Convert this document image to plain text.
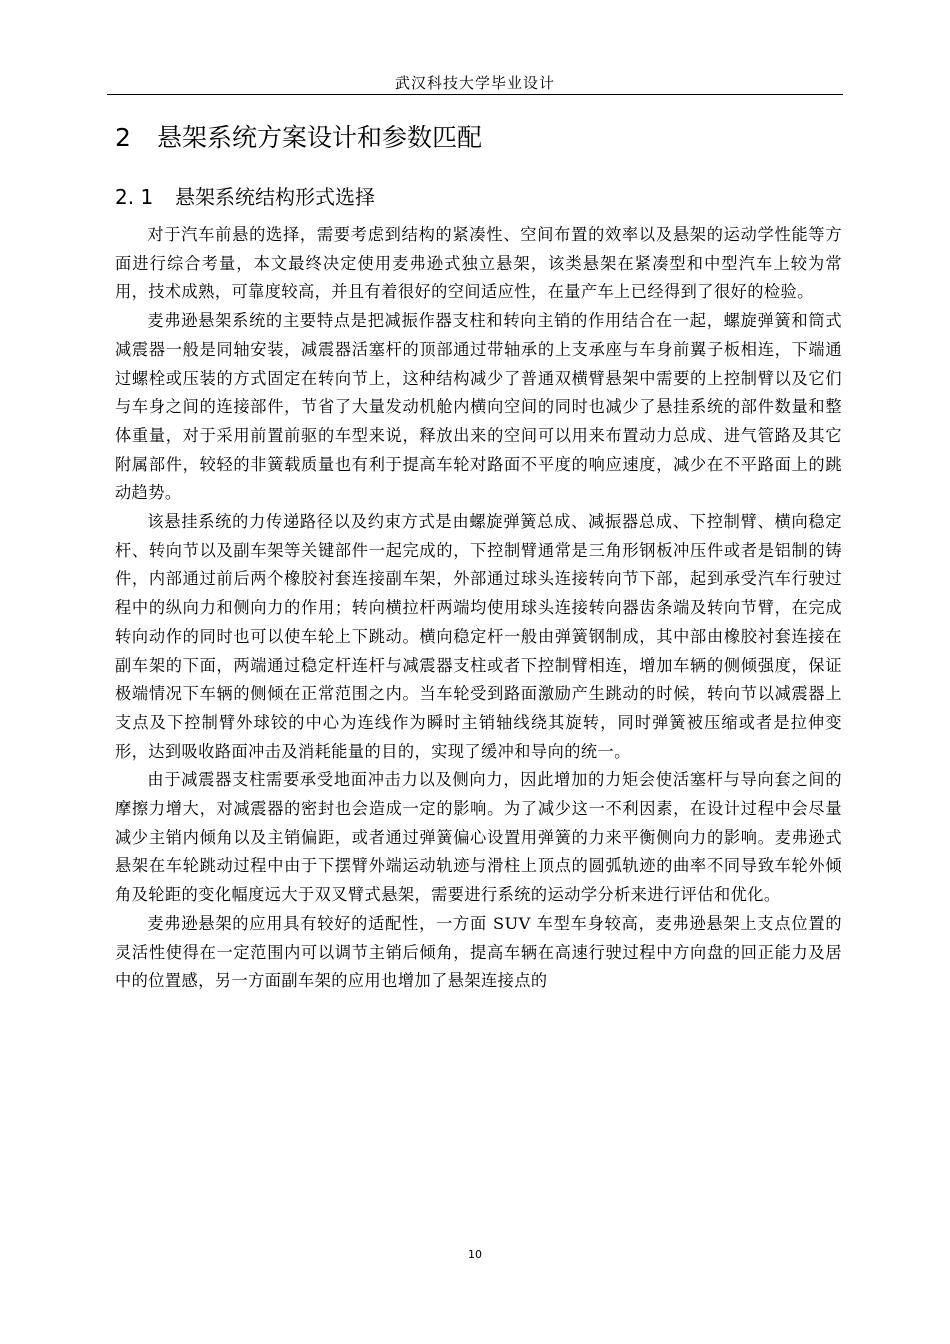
武汉科技大学毕业设计
2 悬架系统方案设计和参数匹配
2. 1 悬架系统结构形式选择

对于汽车前悬的选择，需要考虑到结构的紧凑性、空间布置的效率以及悬架的运动学性能等方面进行综合考量，本文最终决定使用麦弗逊式独立悬架，该类悬架在紧凑型和中型汽车上较为常用，技术成熟，可靠度较高，并且有着很好的空间适应性，在量产车上已经得到了很好的检验。

麦弗逊悬架系统的主要特点是把减振作器支柱和转向主销的作用结合在一起，螺旋弹簧和筒式减震器一般是同轴安装，减震器活塞杆的顶部通过带轴承的上支承座与车身前翼子板相连，下端通过螺栓或压装的方式固定在转向节上，这种结构减少了普通双横臂悬架中需要的上控制臂以及它们与车身之间的连接部件，节省了大量发动机舱内横向空间的同时也减少了悬挂系统的部件数量和整体重量，对于采用前置前驱的车型来说，释放出来的空间可以用来布置动力总成、进气管路及其它附属部件，较轻的非簧载质量也有利于提高车轮对路面不平度的响应速度，减少在不平路面上的跳动趋势。

该悬挂系统的力传递路径以及约束方式是由螺旋弹簧总成、减振器总成、下控制臂、横向稳定杆、转向节以及副车架等关键部件一起完成的，下控制臂通常是三角形钢板冲压件或者是铝制的铸件，内部通过前后两个橡胶衬套连接副车架，外部通过球头连接转向节下部，起到承受汽车行驶过程中的纵向力和侧向力的作用；转向横拉杆两端均使用球头连接转向器齿条端及转向节臂，在完成转向动作的同时也可以使车轮上下跳动。横向稳定杆一般由弹簧钢制成，其中部由橡胶衬套连接在副车架的下面，两端通过稳定杆连杆与减震器支柱或者下控制臂相连，增加车辆的侧倾强度，保证极端情况下车辆的侧倾在正常范围之内。当车轮受到路面激励产生跳动的时候，转向节以减震器上支点及下控制臂外球铰的中心为连线作为瞬时主销轴线绕其旋转，同时弹簧被压缩或者是拉伸变形，达到吸收路面冲击及消耗能量的目的，实现了缓冲和导向的统一。

由于减震器支柱需要承受地面冲击力以及侧向力，因此增加的力矩会使活塞杆与导向套之间的摩擦力增大，对减震器的密封也会造成一定的影响。为了减少这一不利因素，在设计过程中会尽量减少主销内倾角以及主销偏距，或者通过弹簧偏心设置用弹簧的力来平衡侧向力的影响。麦弗逊式悬架在车轮跳动过程中由于下摆臂外端运动轨迹与滑柱上顶点的圆弧轨迹的曲率不同导致车轮外倾角及轮距的变化幅度远大于双叉臂式悬架，需要进行系统的运动学分析来进行评估和优化。

麦弗逊悬架的应用具有较好的适配性，一方面 SUV 车型车身较高，麦弗逊悬架上支点位置的灵活性使得在一定范围内可以调节主销后倾角，提高车辆在高速行驶过程中方向盘的回正能力及居中的位置感，另一方面副车架的应用也增加了悬架连接点的

10
